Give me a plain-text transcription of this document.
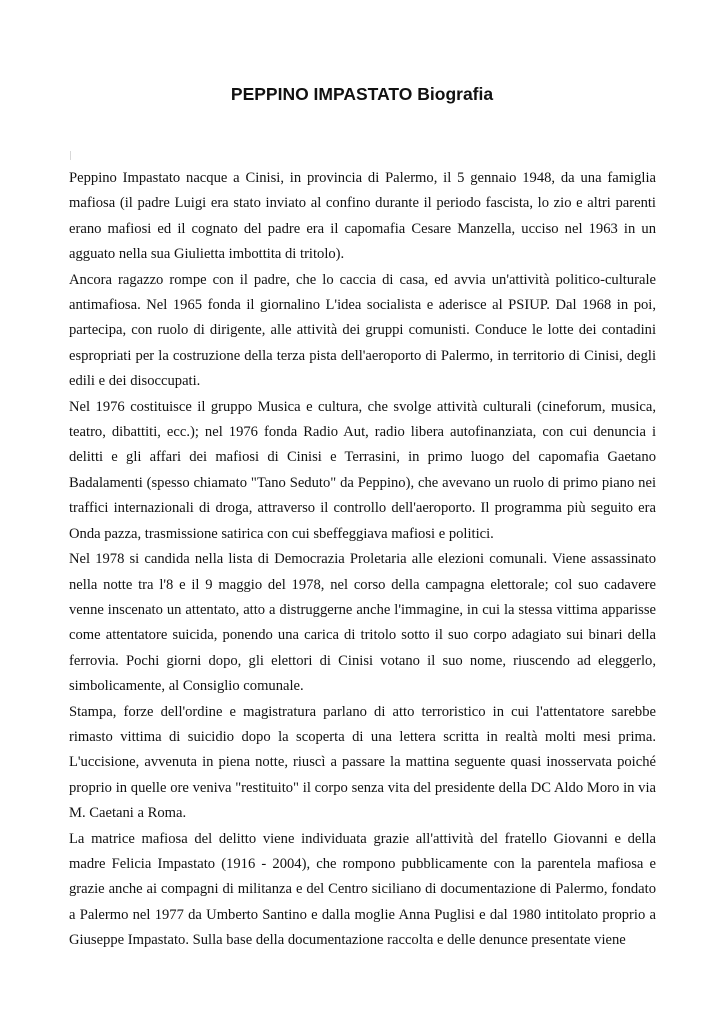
PEPPINO IMPASTATO Biografia

Peppino Impastato nacque a Cinisi, in provincia di Palermo, il 5 gennaio 1948, da una famiglia mafiosa (il padre Luigi era stato inviato al confino durante il periodo fascista, lo zio e altri parenti erano mafiosi ed il cognato del padre era il capomafia Cesare Manzella, ucciso nel 1963 in un agguato nella sua Giulietta imbottita di tritolo).

Ancora ragazzo rompe con il padre, che lo caccia di casa, ed avvia un'attività politico-culturale antimafiosa. Nel 1965 fonda il giornalino L'idea socialista e aderisce al PSIUP. Dal 1968 in poi, partecipa, con ruolo di dirigente, alle attività dei gruppi comunisti. Conduce le lotte dei contadini espropriati per la costruzione della terza pista dell'aeroporto di Palermo, in territorio di Cinisi, degli edili e dei disoccupati.

Nel 1976 costituisce il gruppo Musica e cultura, che svolge attività culturali (cineforum, musica, teatro, dibattiti, ecc.); nel 1976 fonda Radio Aut, radio libera autofinanziata, con cui denuncia i delitti e gli affari dei mafiosi di Cinisi e Terrasini, in primo luogo del capomafia Gaetano Badalamenti (spesso chiamato "Tano Seduto" da Peppino), che avevano un ruolo di primo piano nei traffici internazionali di droga, attraverso il controllo dell'aeroporto. Il programma più seguito era Onda pazza, trasmissione satirica con cui sbeffeggiava mafiosi e politici.

Nel 1978 si candida nella lista di Democrazia Proletaria alle elezioni comunali. Viene assassinato nella notte tra l'8 e il 9 maggio del 1978, nel corso della campagna elettorale; col suo cadavere venne inscenato un attentato, atto a distruggerne anche l'immagine, in cui la stessa vittima apparisse come attentatore suicida, ponendo una carica di tritolo sotto il suo corpo adagiato sui binari della ferrovia. Pochi giorni dopo, gli elettori di Cinisi votano il suo nome, riuscendo ad eleggerlo, simbolicamente, al Consiglio comunale.

Stampa, forze dell'ordine e magistratura parlano di atto terroristico in cui l'attentatore sarebbe rimasto vittima di suicidio dopo la scoperta di una lettera scritta in realtà molti mesi prima. L'uccisione, avvenuta in piena notte, riuscì a passare la mattina seguente quasi inosservata poiché proprio in quelle ore veniva "restituito" il corpo senza vita del presidente della DC Aldo Moro in via M. Caetani a Roma.

La matrice mafiosa del delitto viene individuata grazie all'attività del fratello Giovanni e della madre Felicia Impastato (1916 - 2004), che rompono pubblicamente con la parentela mafiosa e grazie anche ai compagni di militanza e del Centro siciliano di documentazione di Palermo, fondato a Palermo nel 1977 da Umberto Santino e dalla moglie Anna Puglisi e dal 1980 intitolato proprio a Giuseppe Impastato. Sulla base della documentazione raccolta e delle denunce presentate viene
